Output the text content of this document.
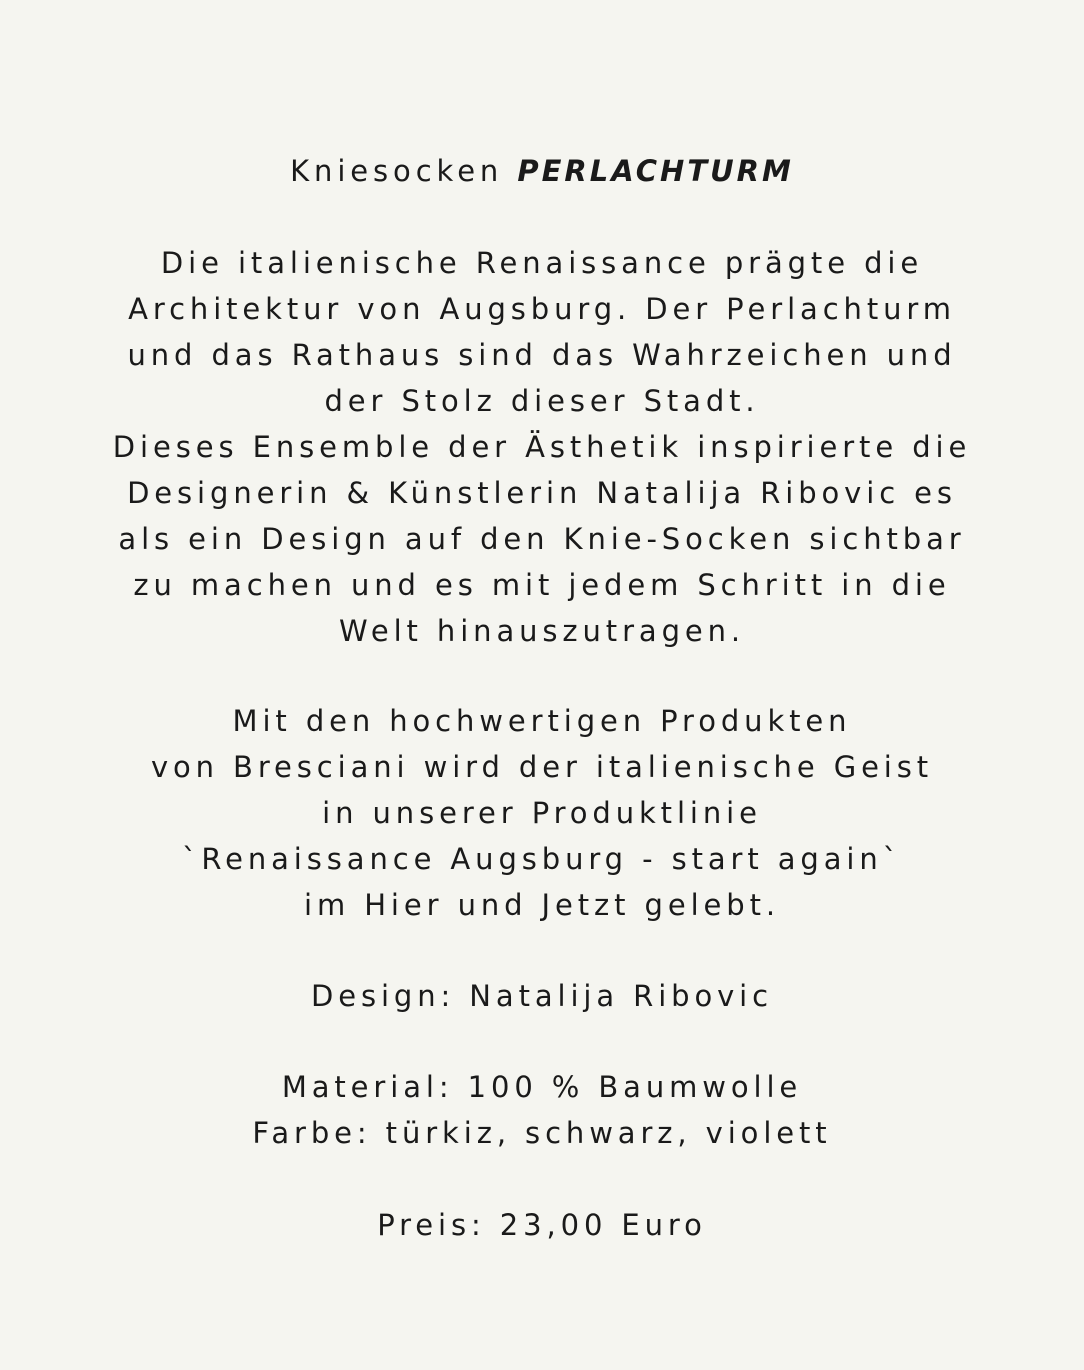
Kniesocken PERLACHTURM
Die italienische Renaissance prägte die
Architektur von Augsburg. Der Perlachturm
und das Rathaus sind das Wahrzeichen und
der Stolz dieser Stadt.
Dieses Ensemble der Ästhetik inspirierte die
Designerin & Künstlerin Natalija Ribovic es
als ein Design auf den Knie-Socken sichtbar
zu machen und es mit jedem Schritt in die
Welt hinauszutragen.
Mit den hochwertigen Produkten
von Bresciani wird der italienische Geist
in unserer Produktlinie
`Renaissance Augsburg - start again`
im Hier und Jetzt gelebt.
Design: Natalija Ribovic
Material: 100 % Baumwolle
Farbe: türkiz, schwarz, violett
Preis: 23,00 Euro
